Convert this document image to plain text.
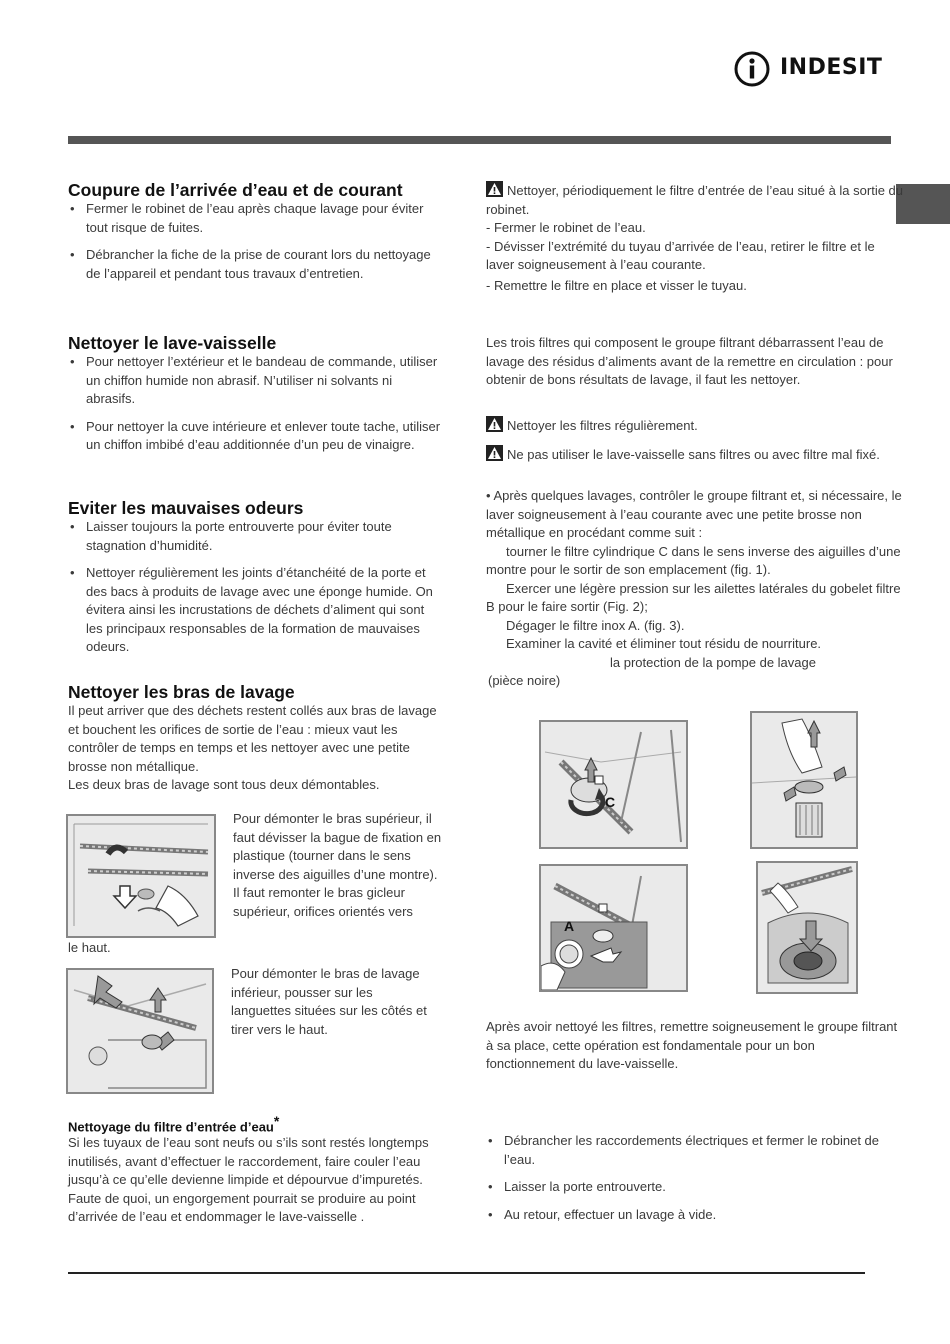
INDESIT
Coupure de l’arrivée d’eau et de courant
• Fermer le robinet de l’eau après chaque lavage pour éviter tout risque de fuites.
• Débrancher la fiche de la prise de courant lors du nettoyage de l’appareil et pendant tous travaux d’entretien.
Nettoyer le lave-vaisselle
• Pour nettoyer l’extérieur et le bandeau de commande, utiliser un chiffon humide non abrasif. N’utiliser ni solvants ni abrasifs.
• Pour nettoyer la cuve intérieure et enlever toute tache, utiliser un chiffon imbibé d’eau additionnée d’un peu de vinaigre.
Eviter les mauvaises odeurs
• Laisser toujours la porte entrouverte pour éviter toute stagnation d’humidité.
• Nettoyer régulièrement les joints d’étanchéité de la porte et des bacs à produits de lavage avec une éponge humide. On évitera ainsi les incrustations de déchets d’aliment qui sont les principaux responsables de la formation de mauvaises odeurs.
Nettoyer les bras de lavage
Il peut arriver que des déchets restent collés aux bras de lavage et bouchent les orifices de sortie de l’eau : mieux vaut les contrôler de temps en temps et les nettoyer avec une petite brosse non métallique.
Les deux bras de lavage sont tous deux démontables.
Pour démonter le bras supérieur, il faut dévisser la bague de fixation en plastique (tourner dans le sens inverse des aiguilles d’une montre). Il faut remonter le bras gicleur supérieur, orifices orientés vers
le haut.
Pour démonter le bras de lavage inférieur, pousser sur les languettes situées sur les côtés et tirer vers le haut.
Nettoyage du filtre d’entrée d’eau*
Si les tuyaux de l’eau sont neufs ou s’ils sont restés longtemps inutilisés, avant d’effectuer le raccordement, faire couler l’eau jusqu’à ce qu’elle devienne limpide et dépourvue d’impuretés. Faute de quoi, un engorgement pourrait se produire au point d’arrivée de l’eau et endommager le lave-vaisselle .
Nettoyer, périodiquement le filtre d’entrée de l’eau situé à la sortie du robinet.
- Fermer le robinet de l’eau.
- Dévisser l’extrémité du tuyau d’arrivée de l’eau, retirer le filtre et le laver soigneusement à l’eau courante.
- Remettre le filtre en place et visser le tuyau.
Les trois filtres qui composent le groupe filtrant débarrassent l’eau de lavage des résidus d’aliments avant de la remettre en circulation : pour obtenir de bons résultats de lavage, il faut les nettoyer.
Nettoyer les filtres régulièrement.
Ne pas utiliser le lave-vaisselle sans filtres ou avec filtre mal fixé.
• Après quelques lavages, contrôler le groupe filtrant et, si nécessaire, le laver soigneusement à l’eau courante avec une petite brosse non métallique en procédant comme suit :
tourner le filtre cylindrique C dans le sens inverse des aiguilles d’une montre pour le sortir de son emplacement (fig. 1).
Exercer une légère pression sur les ailettes latérales du gobelet filtre B pour le faire sortir (Fig. 2);
Dégager le filtre inox A. (fig. 3).
Examiner la cavité et éliminer tout résidu de nourriture.
la protection de la pompe de lavage
(pièce noire)
C
A
Après avoir nettoyé les filtres, remettre soigneusement le groupe filtrant à sa place, cette opération est fondamentale pour un bon fonctionnement du lave-vaisselle.
• Débrancher les raccordements électriques et fermer le robinet de l’eau.
• Laisser la porte entrouverte.
• Au retour, effectuer un lavage à vide.
